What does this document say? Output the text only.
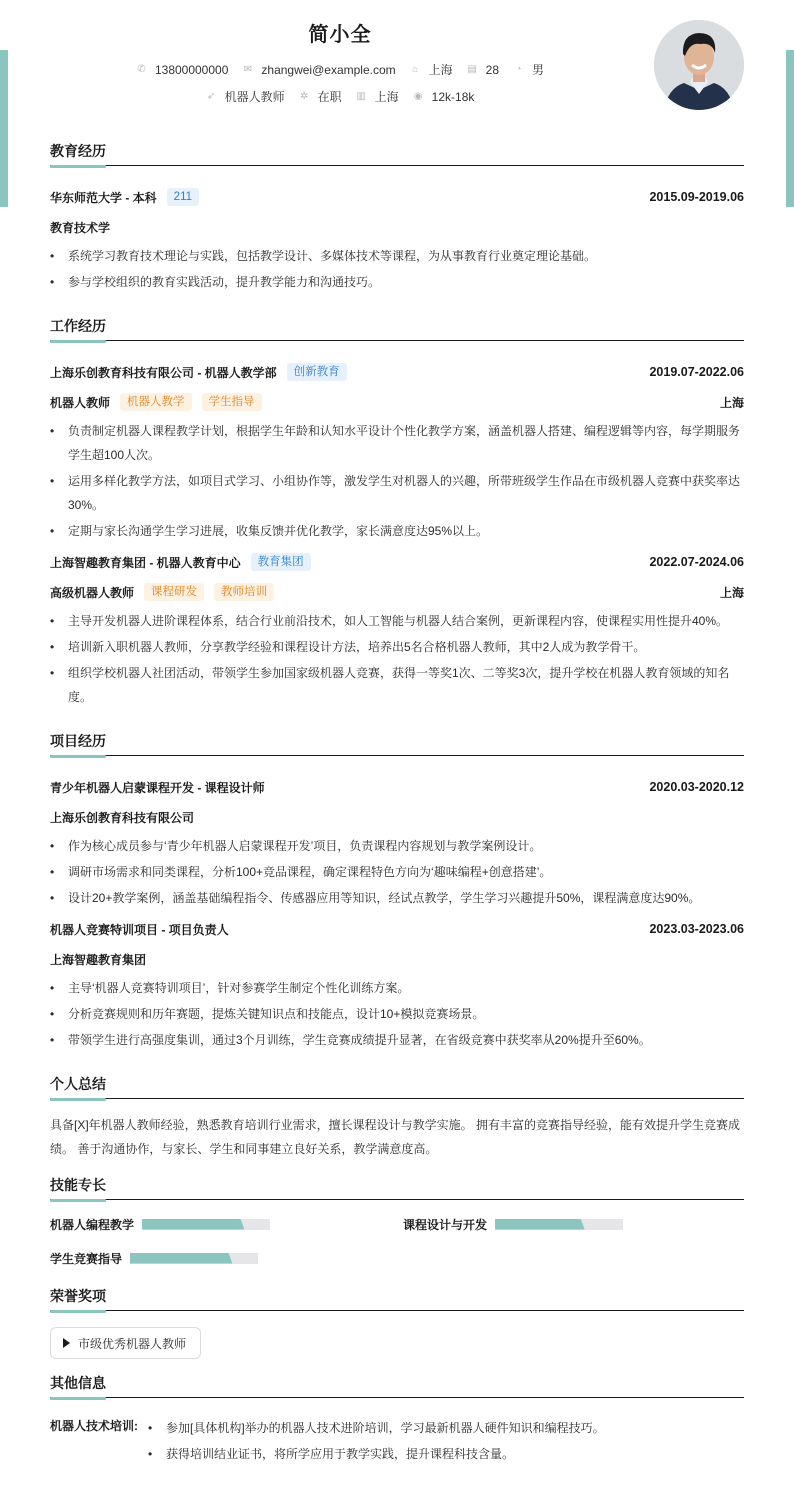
简小全
✆ 13800000000 ✉ zhangwei@example.com ⌂ 上海 ▤ 28 ◔ 男
➶ 机器人教师 ✲ 在职 ▥ 上海 ◉ 12k-18k
教育经历
华东师范大学 - 本科	211	2015.09-2019.06
教育技术学
• 系统学习教育技术理论与实践，包括教学设计、多媒体技术等课程，为从事教育行业奠定理论基础。
• 参与学校组织的教育实践活动，提升教学能力和沟通技巧。
工作经历
上海乐创教育科技有限公司 - 机器人教学部	创新教育	2019.07-2022.06
机器人教师	机器人教学	学生指导	上海
• 负责制定机器人课程教学计划，根据学生年龄和认知水平设计个性化教学方案，涵盖机器人搭建、编程逻辑等内容，每学期服务学生超100人次。
• 运用多样化教学方法，如项目式学习、小组协作等，激发学生对机器人的兴趣，所带班级学生作品在市级机器人竞赛中获奖率达30%。
• 定期与家长沟通学生学习进展，收集反馈并优化教学，家长满意度达95%以上。
上海智趣教育集团 - 机器人教育中心	教育集团	2022.07-2024.06
高级机器人教师	课程研发	教师培训	上海
• 主导开发机器人进阶课程体系，结合行业前沿技术，如人工智能与机器人结合案例，更新课程内容，使课程实用性提升40%。
• 培训新入职机器人教师，分享教学经验和课程设计方法，培养出5名合格机器人教师，其中2人成为教学骨干。
• 组织学校机器人社团活动，带领学生参加国家级机器人竞赛，获得一等奖1次、二等奖3次，提升学校在机器人教育领域的知名度。
项目经历
青少年机器人启蒙课程开发 - 课程设计师	2020.03-2020.12
上海乐创教育科技有限公司
• 作为核心成员参与‘青少年机器人启蒙课程开发’项目，负责课程内容规划与教学案例设计。
• 调研市场需求和同类课程，分析100+竞品课程，确定课程特色方向为‘趣味编程+创意搭建’。
• 设计20+教学案例，涵盖基础编程指令、传感器应用等知识，经试点教学，学生学习兴趣提升50%，课程满意度达90%。
机器人竞赛特训项目 - 项目负责人	2023.03-2023.06
上海智趣教育集团
• 主导‘机器人竞赛特训项目’，针对参赛学生制定个性化训练方案。
• 分析竞赛规则和历年赛题，提炼关键知识点和技能点，设计10+模拟竞赛场景。
• 带领学生进行高强度集训，通过3个月训练，学生竞赛成绩提升显著，在省级竞赛中获奖率从20%提升至60%。
个人总结

具备[X]年机器人教师经验，熟悉教育培训行业需求，擅长课程设计与教学实施。 拥有丰富的竞赛指导经验，能有效提升学生竞赛成绩。 善于沟通协作，与家长、学生和同事建立良好关系，教学满意度高。

技能专长
机器人编程教学	课程设计与开发
学生竞赛指导
荣誉奖项
市级优秀机器人教师
其他信息
机器人技术培训:	• 参加[具体机构]举办的机器人技术进阶培训，学习最新机器人硬件知识和编程技巧。
• 获得培训结业证书，将所学应用于教学实践，提升课程科技含量。
